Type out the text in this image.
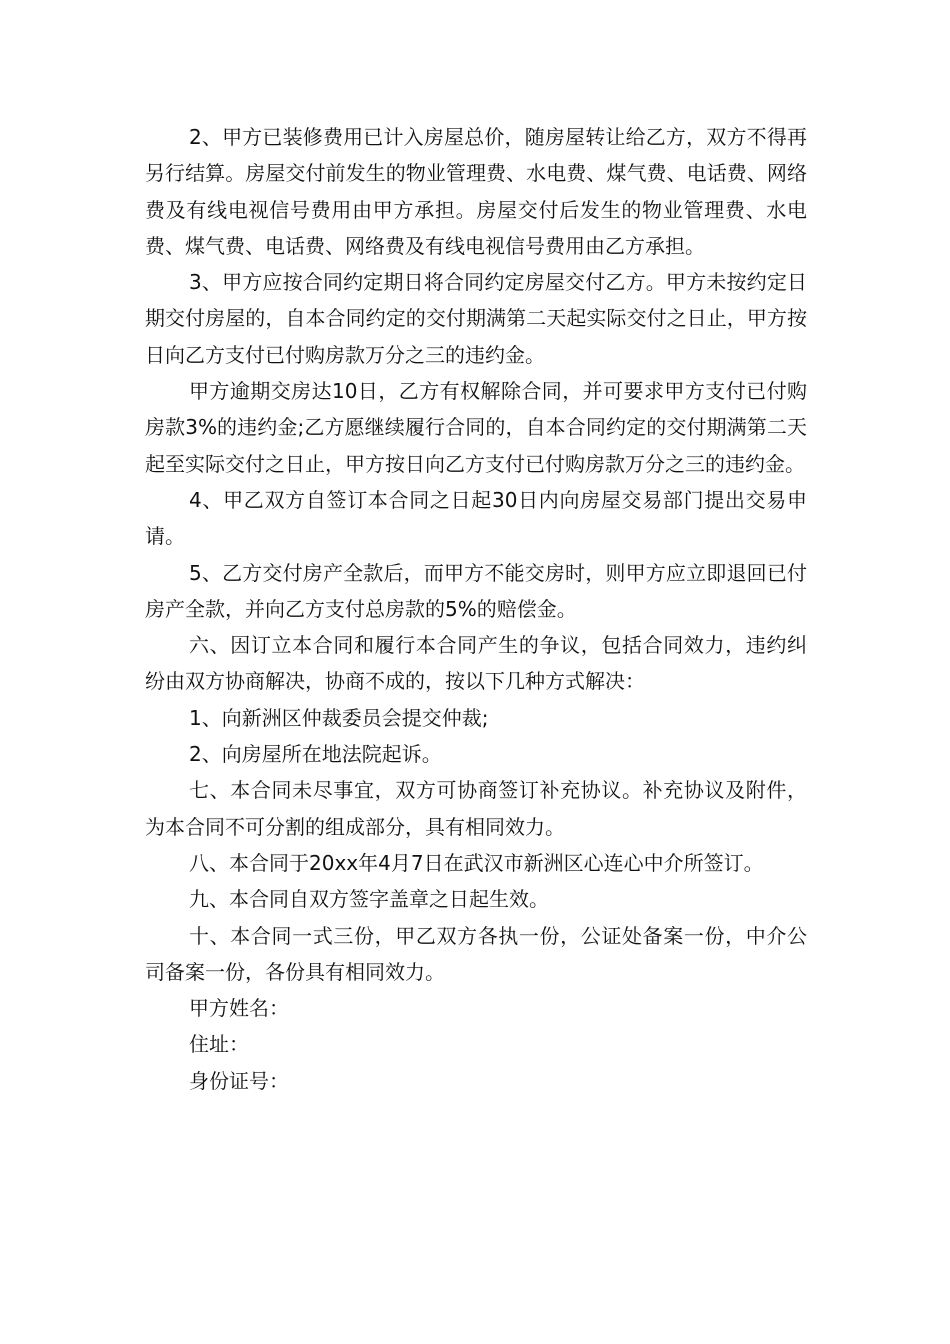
2、甲方已装修费用已计入房屋总价，随房屋转让给乙方，双方不得再另行结算。房屋交付前发生的物业管理费、水电费、煤气费、电话费、网络费及有线电视信号费用由甲方承担。房屋交付后发生的物业管理费、水电费、煤气费、电话费、网络费及有线电视信号费用由乙方承担。

3、甲方应按合同约定期日将合同约定房屋交付乙方。甲方未按约定日期交付房屋的，自本合同约定的交付期满第二天起实际交付之日止，甲方按日向乙方支付已付购房款万分之三的违约金。

甲方逾期交房达10日，乙方有权解除合同，并可要求甲方支付已付购房款3%的违约金;乙方愿继续履行合同的，自本合同约定的交付期满第二天起至实际交付之日止，甲方按日向乙方支付已付购房款万分之三的违约金。

4、甲乙双方自签订本合同之日起30日内向房屋交易部门提出交易申请。

5、乙方交付房产全款后，而甲方不能交房时，则甲方应立即退回已付房产全款，并向乙方支付总房款的5%的赔偿金。

六、因订立本合同和履行本合同产生的争议，包括合同效力，违约纠纷由双方协商解决，协商不成的，按以下几种方式解决：

1、向新洲区仲裁委员会提交仲裁;

2、向房屋所在地法院起诉。

七、本合同未尽事宜，双方可协商签订补充协议。补充协议及附件，为本合同不可分割的组成部分，具有相同效力。

八、本合同于20xx年4月7日在武汉市新洲区心连心中介所签订。

九、本合同自双方签字盖章之日起生效。

十、本合同一式三份，甲乙双方各执一份，公证处备案一份，中介公司备案一份，各份具有相同效力。

甲方姓名：

住址：

身份证号：
